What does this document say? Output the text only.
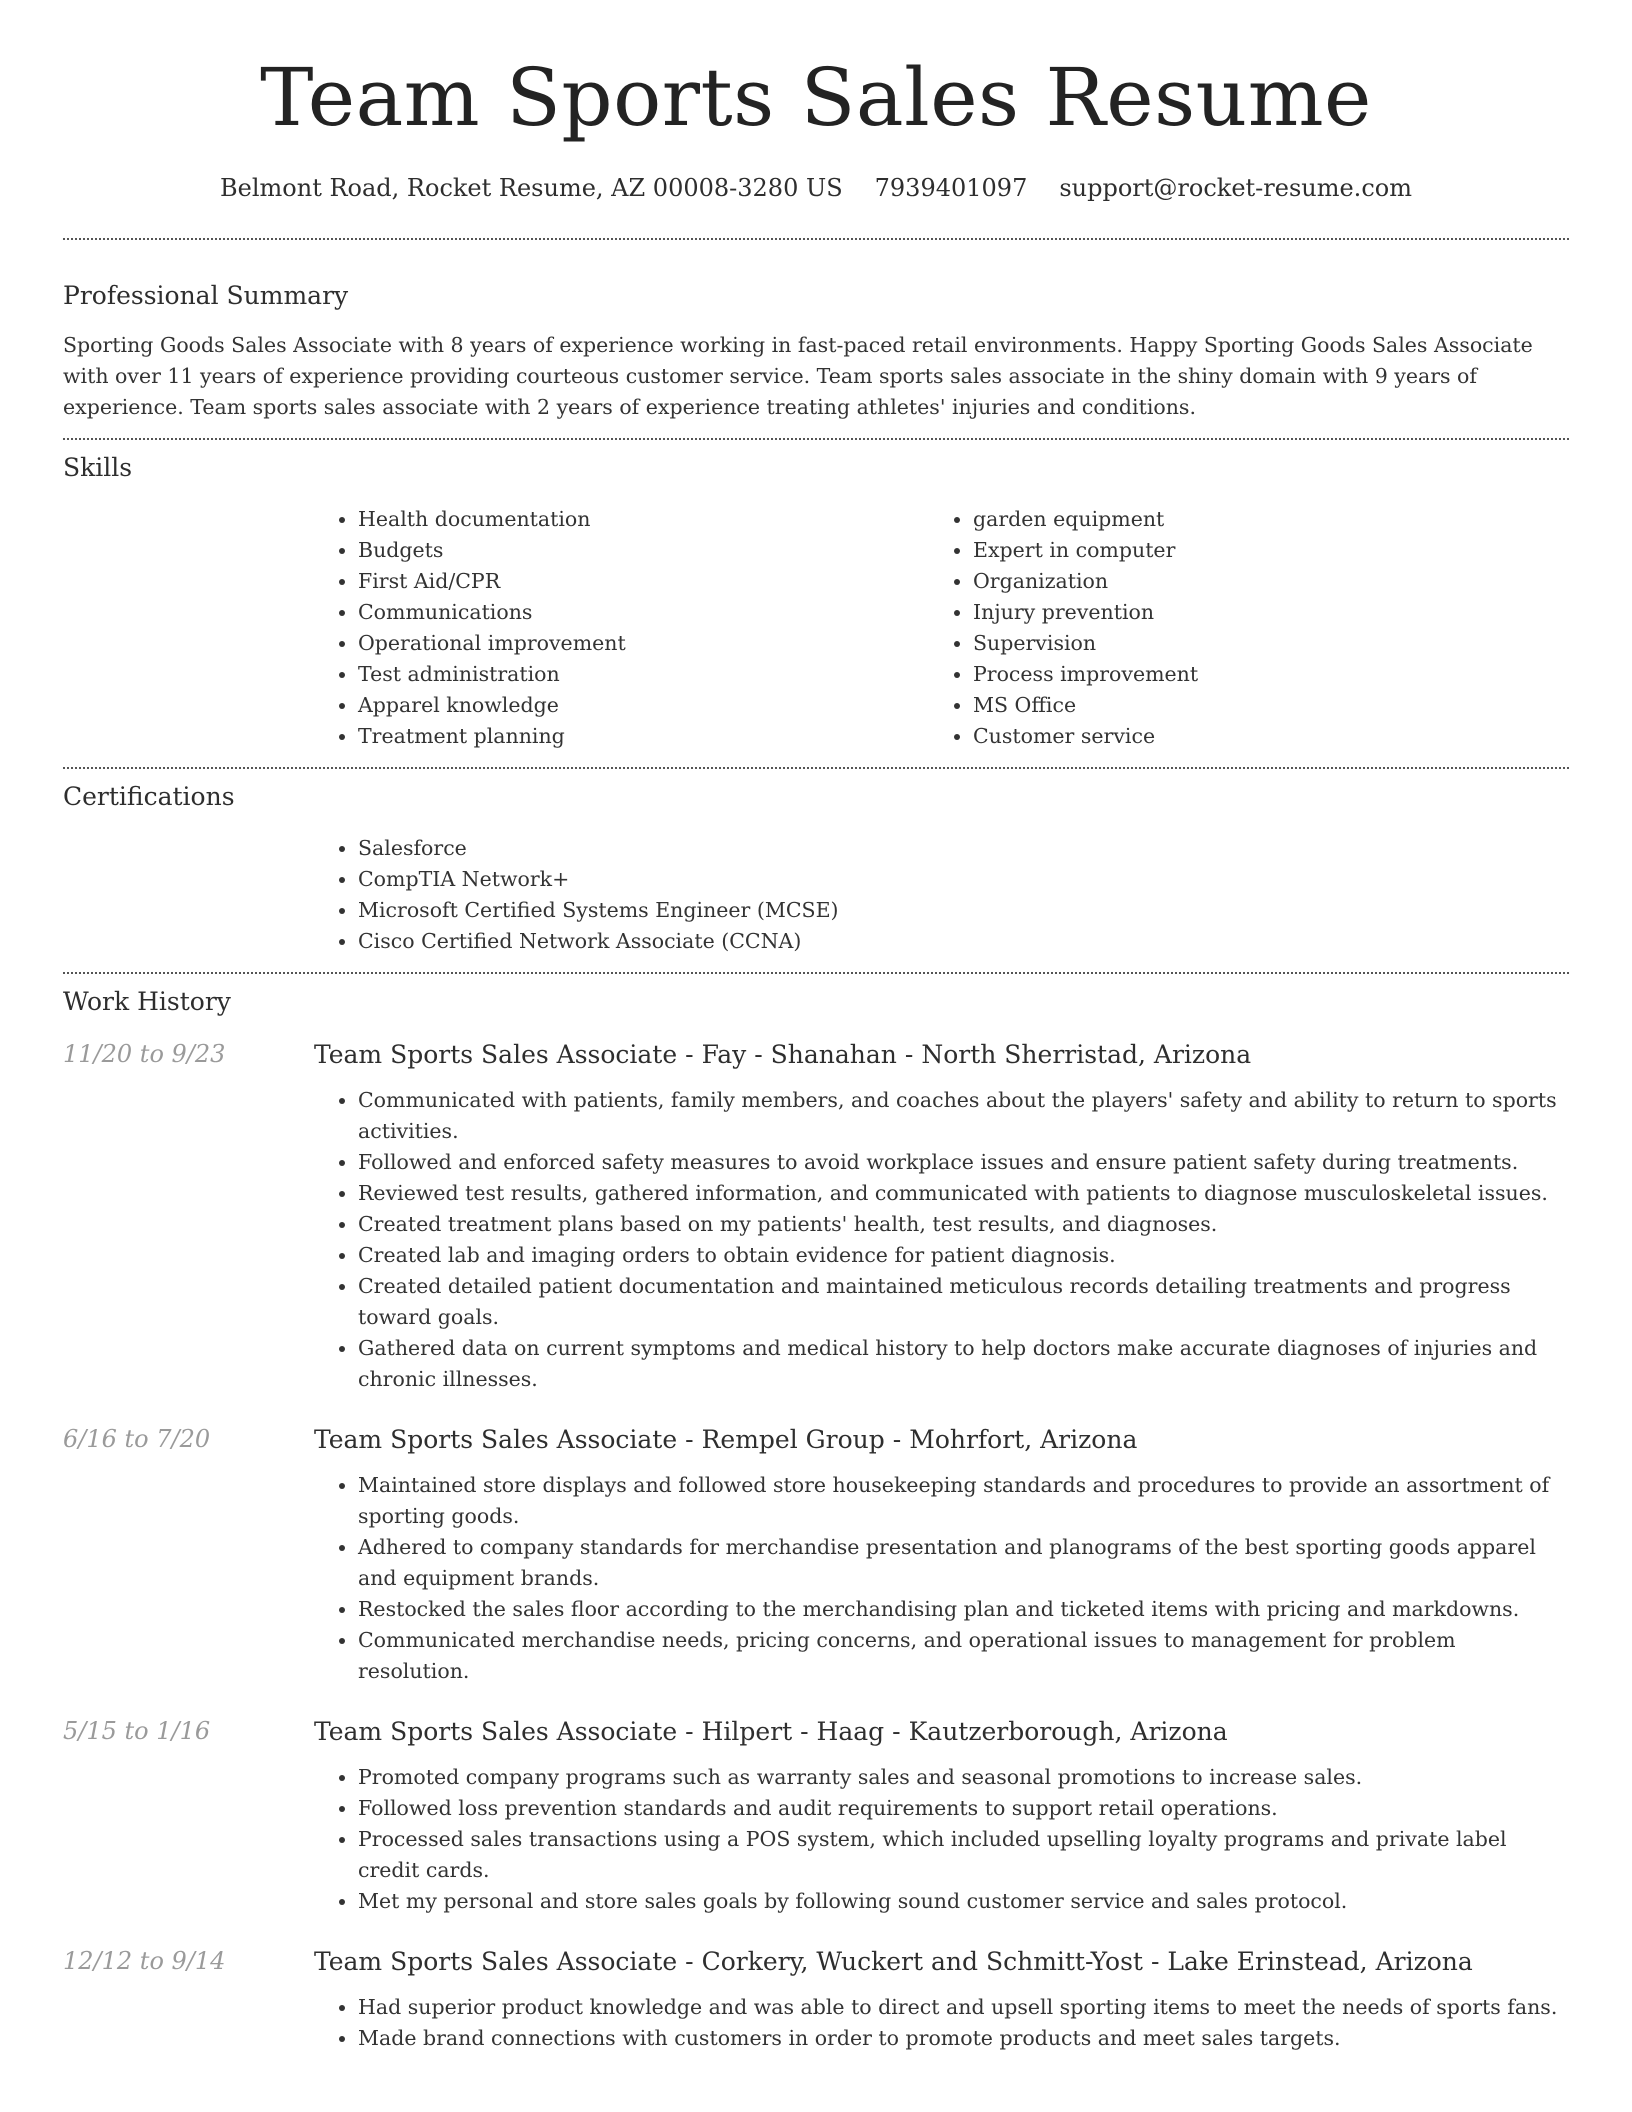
Team Sports Sales Resume
Belmont Road, Rocket Resume, AZ 00008-3280 US 7939401097 support@rocket-resume.com
Professional Summary

Sporting Goods Sales Associate with 8 years of experience working in fast-paced retail environments. Happy Sporting Goods Sales Associate with over 11 years of experience providing courteous customer service. Team sports sales associate in the shiny domain with 9 years of experience. Team sports sales associate with 2 years of experience treating athletes' injuries and conditions.

Skills
• Health documentation
• Budgets
• First Aid/CPR
• Communications
• Operational improvement
• Test administration
• Apparel knowledge
• Treatment planning
• garden equipment
• Expert in computer
• Organization
• Injury prevention
• Supervision
• Process improvement
• MS Office
• Customer service
Certifications
• Salesforce
• CompTIA Network+
• Microsoft Certified Systems Engineer (MCSE)
• Cisco Certified Network Associate (CCNA)
Work History
11/20 to 9/23	Team Sports Sales Associate - Fay - Shanahan - North Sherristad, Arizona
• Communicated with patients, family members, and coaches about the players' safety and ability to return to sports activities.
• Followed and enforced safety measures to avoid workplace issues and ensure patient safety during treatments.
• Reviewed test results, gathered information, and communicated with patients to diagnose musculoskeletal issues.
• Created treatment plans based on my patients' health, test results, and diagnoses.
• Created lab and imaging orders to obtain evidence for patient diagnosis.
• Created detailed patient documentation and maintained meticulous records detailing treatments and progress toward goals.
• Gathered data on current symptoms and medical history to help doctors make accurate diagnoses of injuries and chronic illnesses.
6/16 to 7/20	Team Sports Sales Associate - Rempel Group - Mohrfort, Arizona
• Maintained store displays and followed store housekeeping standards and procedures to provide an assortment of sporting goods.
• Adhered to company standards for merchandise presentation and planograms of the best sporting goods apparel and equipment brands.
• Restocked the sales floor according to the merchandising plan and ticketed items with pricing and markdowns.
• Communicated merchandise needs, pricing concerns, and operational issues to management for problem resolution.
5/15 to 1/16	Team Sports Sales Associate - Hilpert - Haag - Kautzerborough, Arizona
• Promoted company programs such as warranty sales and seasonal promotions to increase sales.
• Followed loss prevention standards and audit requirements to support retail operations.
• Processed sales transactions using a POS system, which included upselling loyalty programs and private label credit cards.
• Met my personal and store sales goals by following sound customer service and sales protocol.
12/12 to 9/14	Team Sports Sales Associate - Corkery, Wuckert and Schmitt-Yost - Lake Erinstead, Arizona
• Had superior product knowledge and was able to direct and upsell sporting items to meet the needs of sports fans.
• Made brand connections with customers in order to promote products and meet sales targets.
